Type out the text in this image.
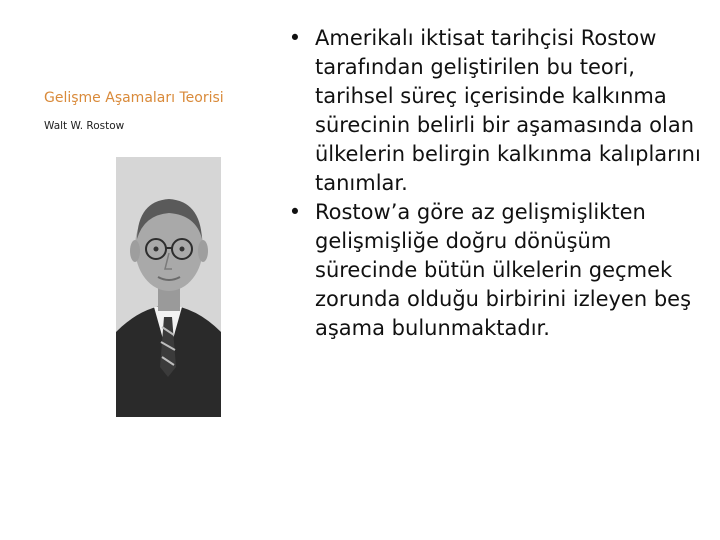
Gelişme Aşamaları Teorisi
Walt W. Rostow
• Amerikalı iktisat tarihçisi Rostow tarafından geliştirilen bu teori, tarihsel süreç içerisinde kalkınma sürecinin belirli bir aşamasında olan ülkelerin belirgin kalkınma kalıplarını tanımlar.
• Rostow’a göre az gelişmişlikten gelişmişliğe doğru dönüşüm sürecinde bütün ülkelerin geçmek zorunda olduğu birbirini izleyen beş aşama bulunmaktadır.
